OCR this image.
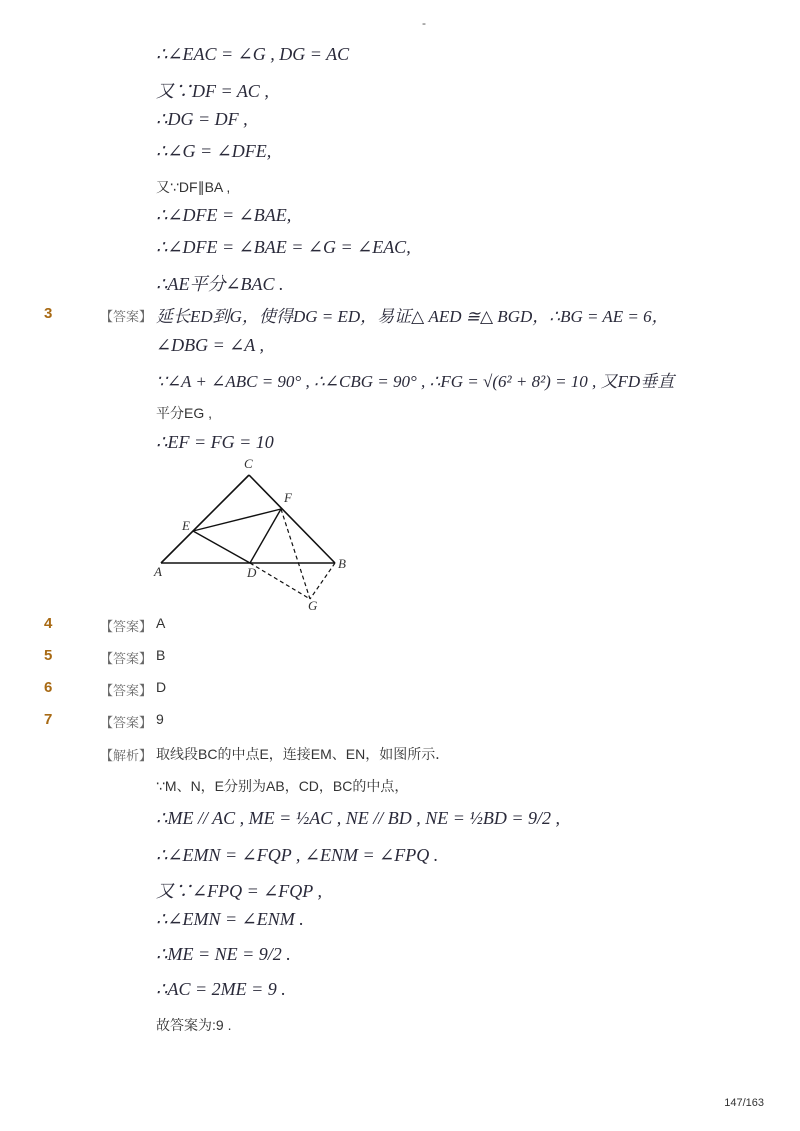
-
∴∠EAC = ∠G , DG = AC
又∵DF = AC ,
∴DG = DF ,
∴∠G = ∠DFE,
又∵DF∥BA ,
∴∠DFE = ∠BAE,
∴∠DFE = ∠BAE = ∠G = ∠EAC,
∴AE平分∠BAC .
3	【答案】 延长ED到G，使得DG = ED，易证△ AED ≅△ BGD，∴BG = AE = 6，
∠DBG = ∠A ,
∵∠A + ∠ABC = 90° , ∴∠CBG = 90° , ∴FG = √(6² + 8²) = 10 , 又FD垂直
平分EG ,
∴EF = FG = 10
C
F
E
A	D
B
G
4	【答案】 A
5	【答案】 B
6	【答案】 D
7	【答案】 9
【解析】 取线段BC的中点E，连接EM、EN，如图所示．
∵M、N，E分别为AB，CD，BC的中点，
∴ME // AC , ME = ½AC , NE // BD , NE = ½BD = 9/2 ,
∴∠EMN = ∠FQP , ∠ENM = ∠FPQ .
又∵∠FPQ = ∠FQP ,
∴∠EMN = ∠ENM .
∴ME = NE = 9/2 .
∴AC = 2ME = 9 .
故答案为:9 .
147/163
